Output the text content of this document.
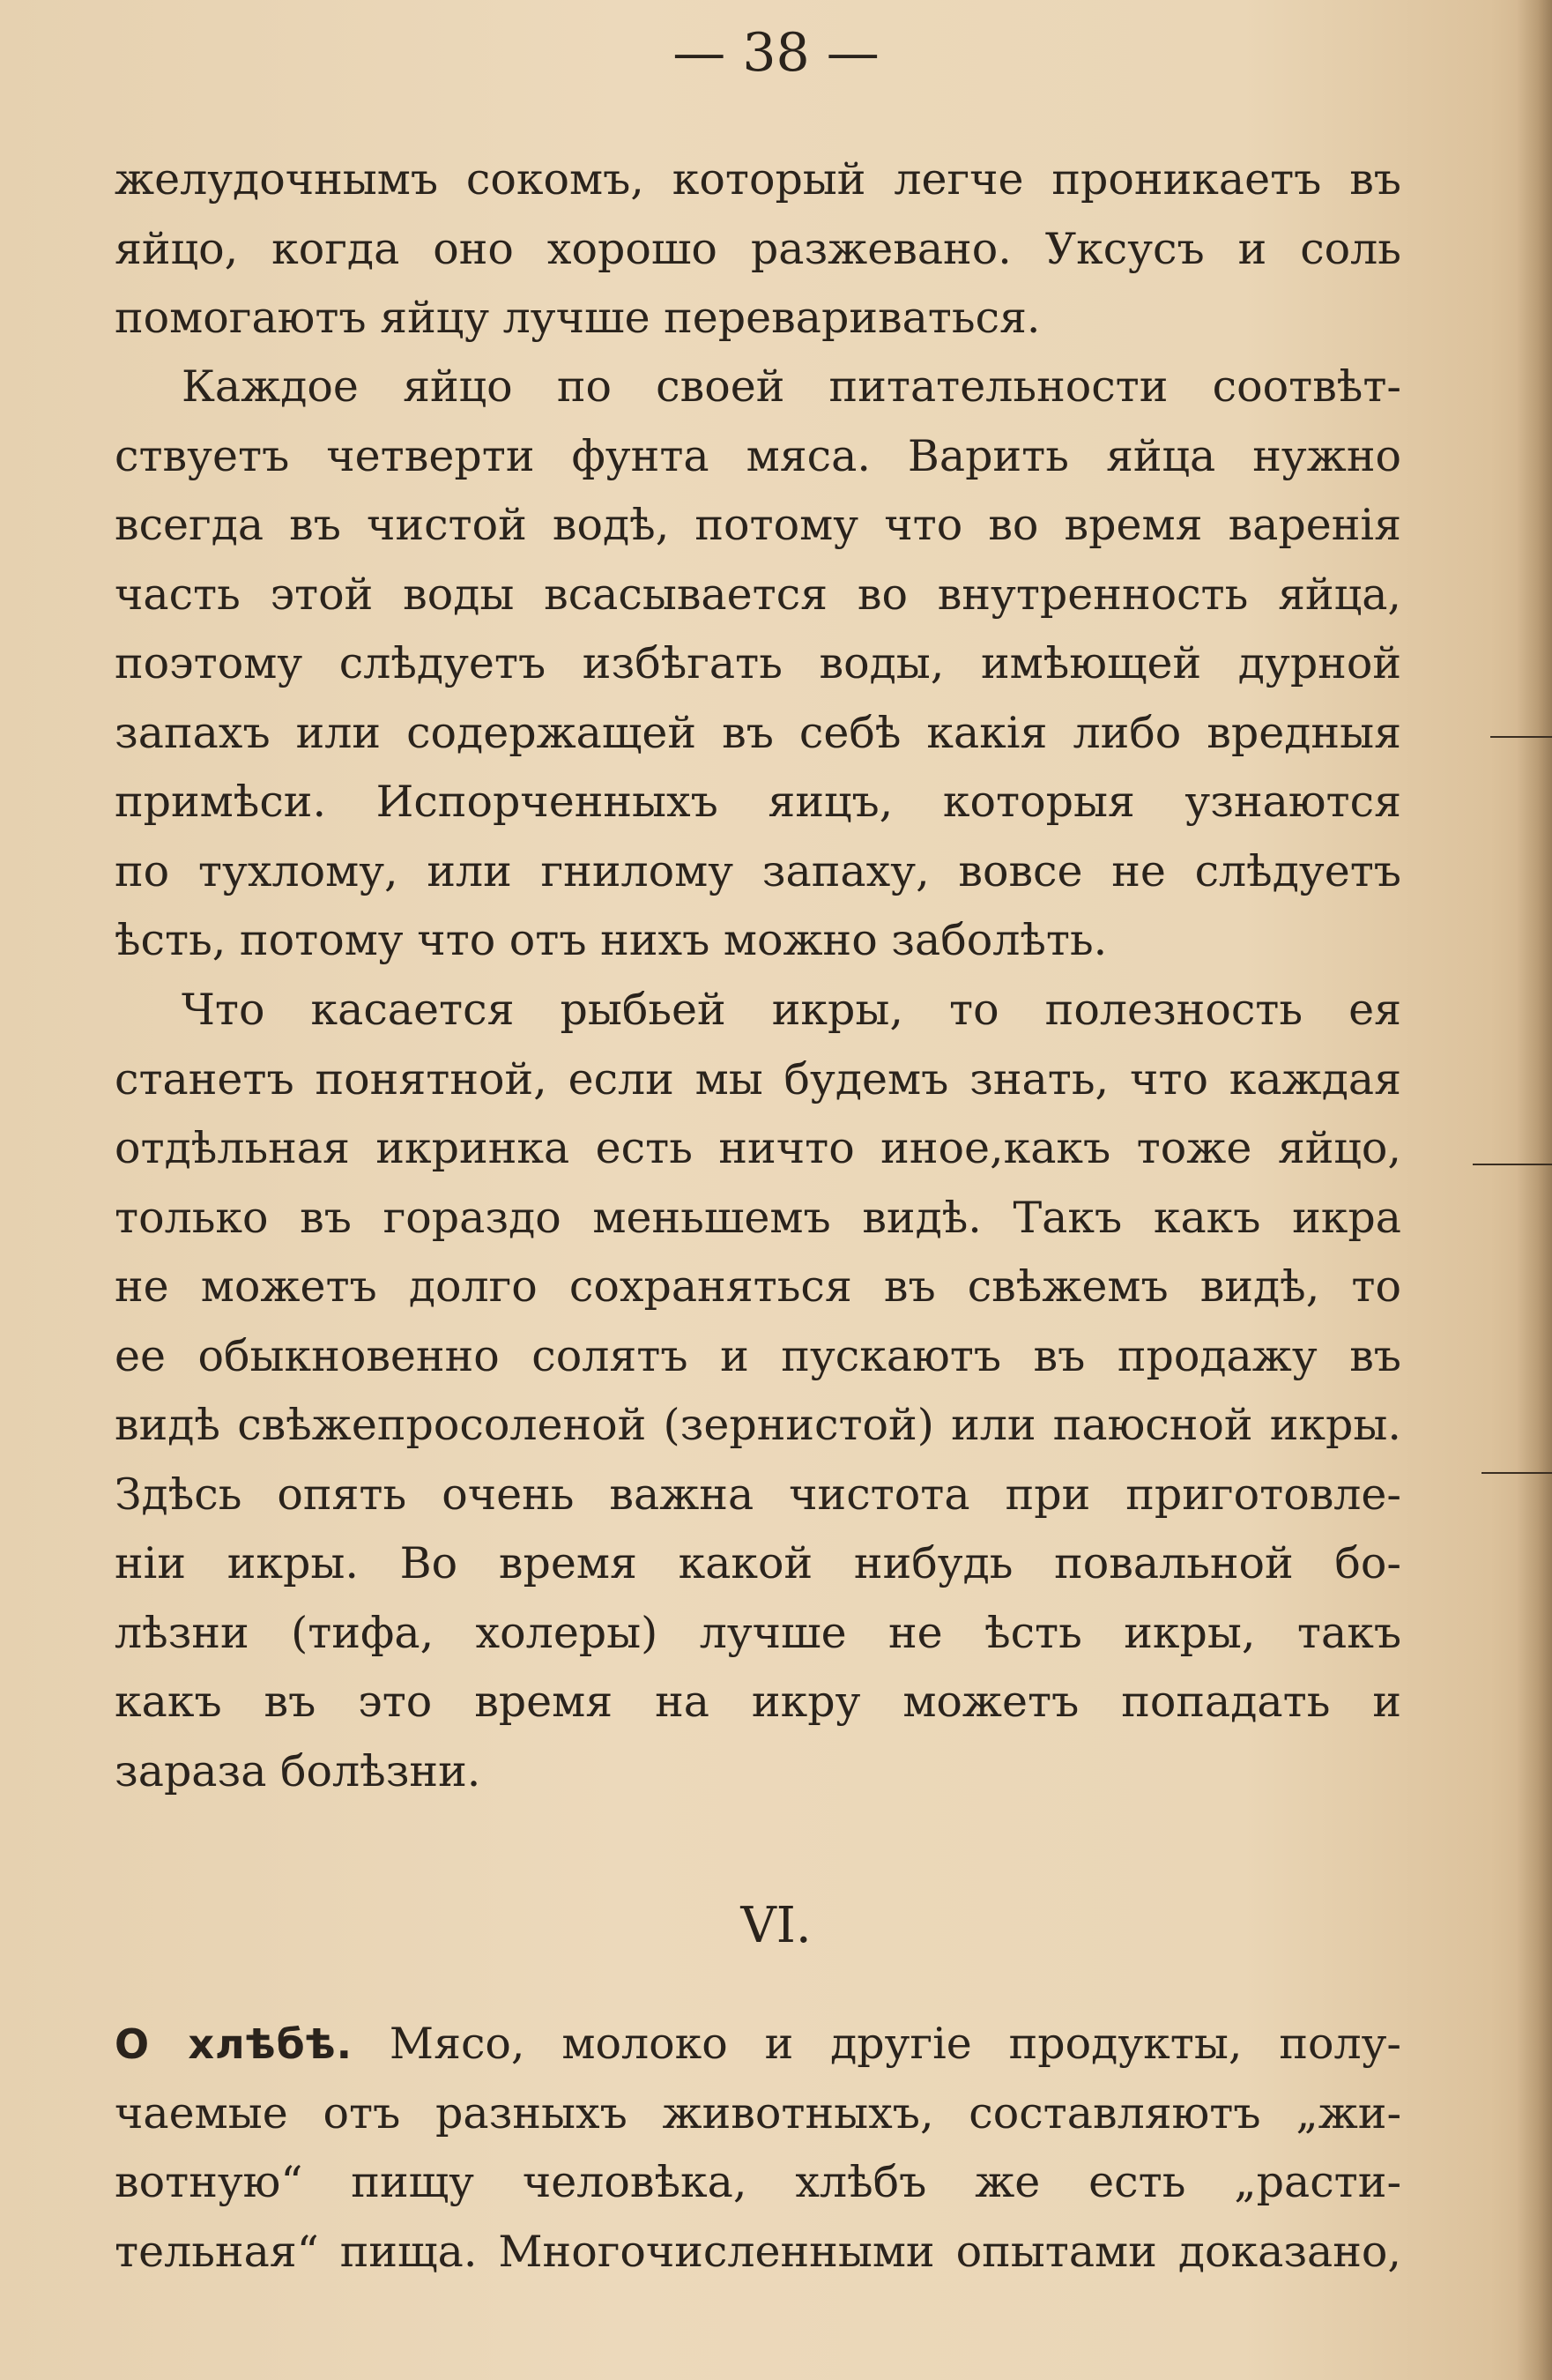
— 38 —
желудочнымъ сокомъ, который легче проникаетъ въ
яйцо, когда оно хорошо разжевано. Уксусъ и соль
помогаютъ яйцу лучше перевариваться.
Каждое яйцо по своей питательности соотвѣт-
ствуетъ четверти фунта мяса. Варить яйца нужно
всегда въ чистой водѣ, потому что во время варенія
часть этой воды всасывается во внутренность яйца,
поэтому слѣдуетъ избѣгать воды, имѣющей дурной
запахъ или содержащей въ себѣ какія либо вредныя
примѣси. Испорченныхъ яицъ, которыя узнаются
по тухлому, или гнилому запаху, вовсе не слѣдуетъ
ѣсть, потому что отъ нихъ можно заболѣть.
Что касается рыбьей икры, то полезность ея
станетъ понятной, если мы будемъ знать, что каждая
отдѣльная икринка есть ничто иное,какъ тоже яйцо,
только въ гораздо меньшемъ видѣ. Такъ какъ икра
не можетъ долго сохраняться въ свѣжемъ видѣ, то
ее обыкновенно солятъ и пускаютъ въ продажу въ
видѣ свѣжепросоленой (зернистой) или паюсной икры.
Здѣсь опять очень важна чистота при приготовле-
ніи икры. Во время какой нибудь повальной бо-
лѣзни (тифа, холеры) лучше не ѣсть икры, такъ
какъ въ это время на икру можетъ попадать и
зараза болѣзни.
VI.
О хлѣбѣ. Мясо, молоко и другіе продукты, полу-
чаемые отъ разныхъ животныхъ, составляютъ „жи-
вотную“ пищу человѣка, хлѣбъ же есть „расти-
тельная“ пища. Многочисленными опытами доказано,
